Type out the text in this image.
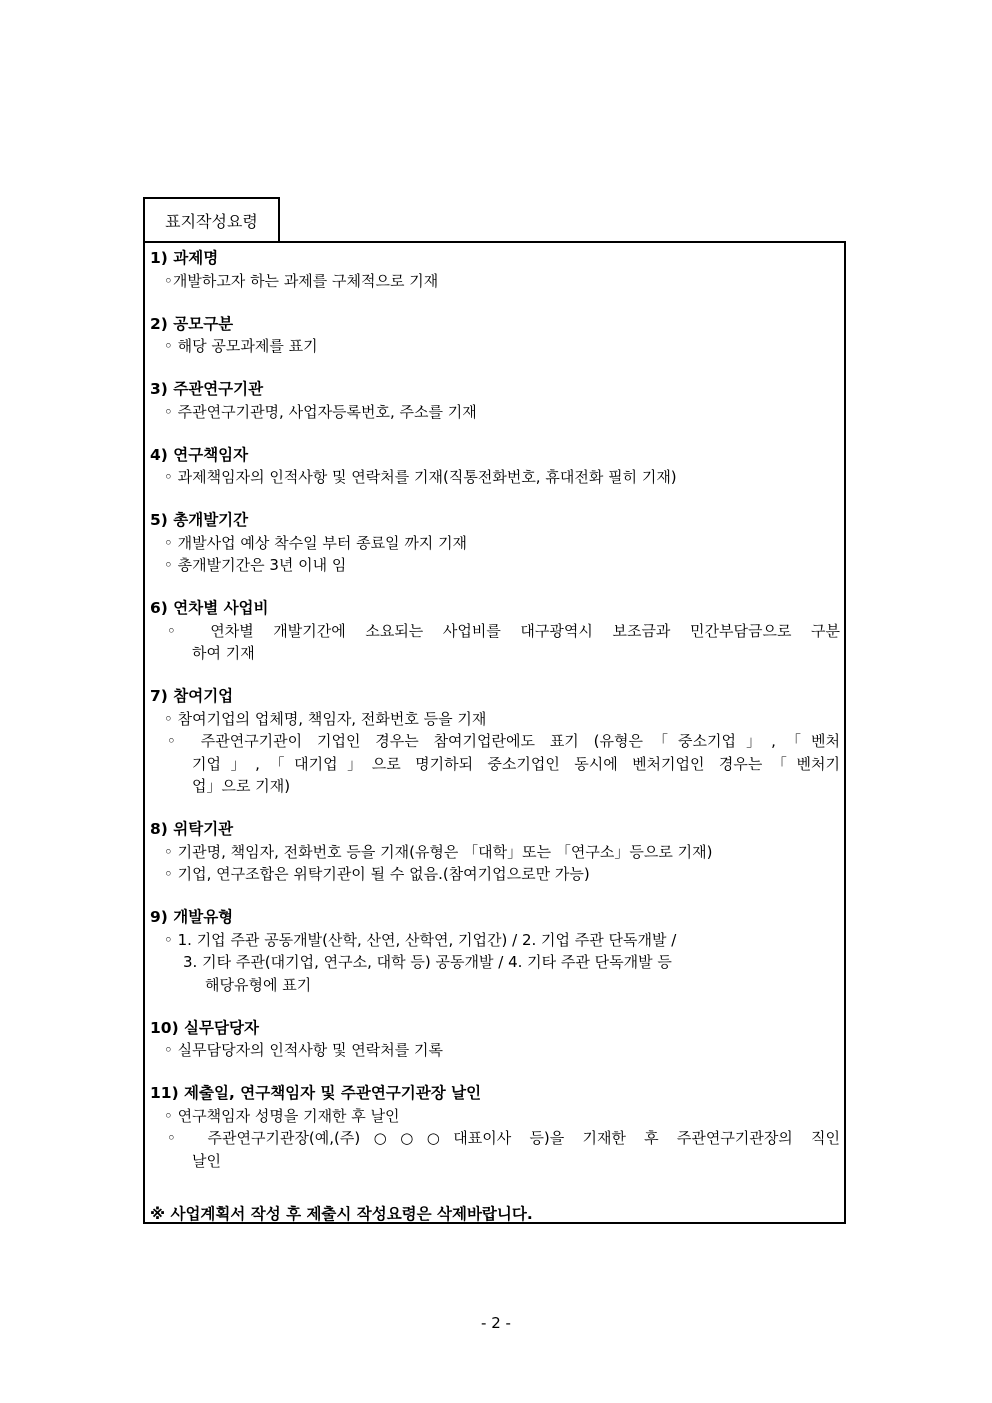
표지작성요령
1) 과제명
◦개발하고자 하는 과제를 구체적으로 기재
2) 공모구분
◦ 해당 공모과제를 표기
3) 주관연구기관
◦ 주관연구기관명, 사업자등록번호, 주소를 기재
4) 연구책임자
◦ 과제책임자의 인적사항 및 연락처를 기재(직통전화번호, 휴대전화 필히 기재)
5) 총개발기간
◦ 개발사업 예상 착수일 부터 종료일 까지 기재
◦ 총개발기간은 3년 이내 임
6) 연차별 사업비
◦ 연차별 개발기간에 소요되는 사업비를 대구광역시 보조금과 민간부담금으로 구분
하여 기재
7) 참여기업
◦ 참여기업의 업체명, 책임자, 전화번호 등을 기재
◦ 주관연구기관이 기업인 경우는 참여기업란에도 표기 (유형은「중소기업」,「벤처
기업」,「대기업」으로 명기하되 중소기업인 동시에 벤처기업인 경우는「벤처기
업」으로 기재)
8) 위탁기관
◦ 기관명, 책임자, 전화번호 등을 기재(유형은 「대학」또는 「연구소」등으로 기재)
◦ 기업, 연구조합은 위탁기관이 될 수 없음.(참여기업으로만 가능)
9) 개발유형
◦ 1. 기업 주관 공동개발(산학, 산연, 산학연, 기업간) / 2. 기업 주관 단독개발 /
3. 기타 주관(대기업, 연구소, 대학 등) 공동개발 / 4. 기타 주관 단독개발 등
해당유형에 표기
10) 실무담당자
◦ 실무담당자의 인적사항 및 연락처를 기록
11) 제출일, 연구책임자 및 주관연구기관장 날인
◦ 연구책임자 성명을 기재한 후 날인
◦ 주관연구기관장(예,(주)○○○대표이사 등)을 기재한 후 주관연구기관장의 직인
날인
※ 사업계획서 작성 후 제출시 작성요령은 삭제바랍니다.
- 2 -
